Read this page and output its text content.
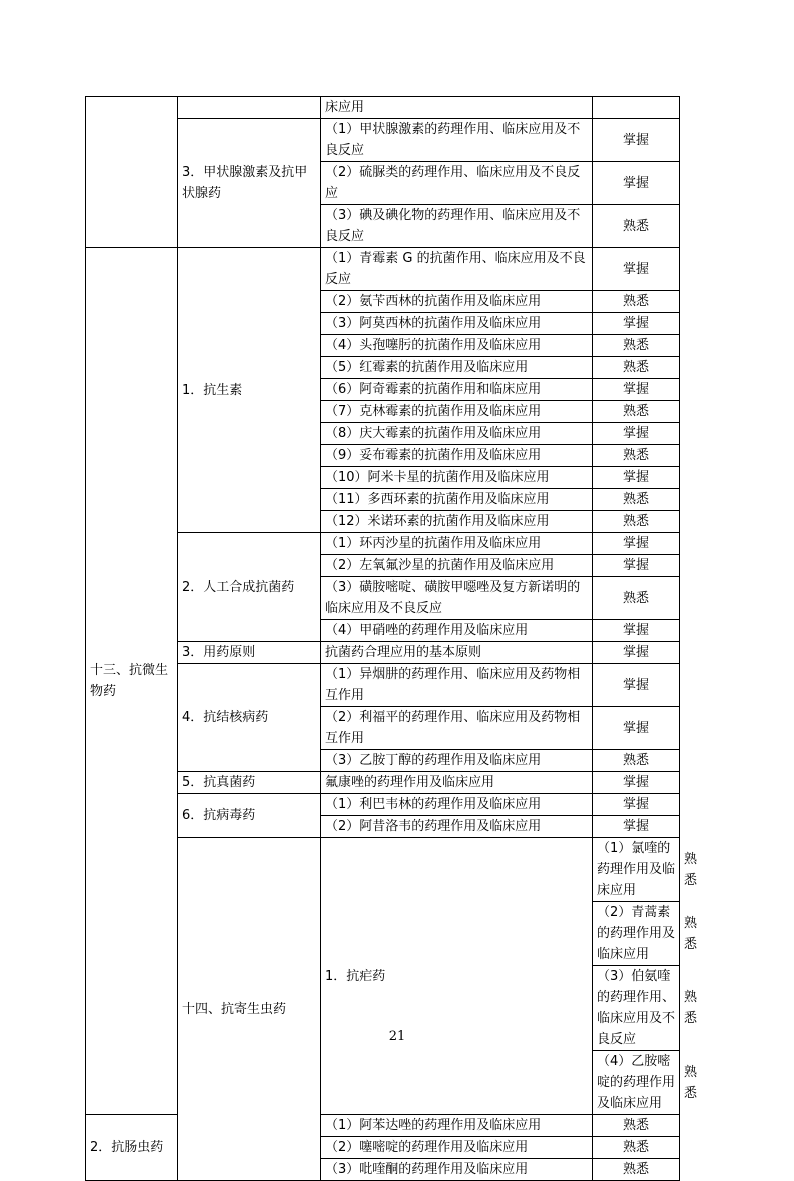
		床应用		
	3．甲状腺激素及抗甲状腺药	（1）甲状腺激素的药理作用、临床应用及不良反应	掌握	
		（2）硫脲类的药理作用、临床应用及不良反应	掌握	
		（3）碘及碘化物的药理作用、临床应用及不良反应	熟悉	
十三、抗微生物药	1．抗生素	（1）青霉素 G 的抗菌作用、临床应用及不良反应	掌握	
		（2）氨苄西林的抗菌作用及临床应用	熟悉	
		（3）阿莫西林的抗菌作用及临床应用	掌握	
		（4）头孢噻肟的抗菌作用及临床应用	熟悉	
		（5）红霉素的抗菌作用及临床应用	熟悉	
		（6）阿奇霉素的抗菌作用和临床应用	掌握	
		（7）克林霉素的抗菌作用及临床应用	熟悉	
		（8）庆大霉素的抗菌作用及临床应用	掌握	
		（9）妥布霉素的抗菌作用及临床应用	熟悉	
		（10）阿米卡星的抗菌作用及临床应用	掌握	
		（11）多西环素的抗菌作用及临床应用	熟悉	
		（12）米诺环素的抗菌作用及临床应用	熟悉	
	2．人工合成抗菌药	（1）环丙沙星的抗菌作用及临床应用	掌握	
		（2）左氧氟沙星的抗菌作用及临床应用	掌握	
		（3）磺胺嘧啶、磺胺甲噁唑及复方新诺明的临床应用及不良反应	熟悉	
		（4）甲硝唑的药理作用及临床应用	掌握	
	3．用药原则	抗菌药合理应用的基本原则	掌握	
	4．抗结核病药	（1）异烟肼的药理作用、临床应用及药物相互作用	掌握	
		（2）利福平的药理作用、临床应用及药物相互作用	掌握	
		（3）乙胺丁醇的药理作用及临床应用	熟悉	
	5．抗真菌药	氟康唑的药理作用及临床应用	掌握	
	6．抗病毒药	（1）利巴韦林的药理作用及临床应用	掌握	
		（2）阿昔洛韦的药理作用及临床应用	掌握	
	十四、抗寄生虫药	1．抗疟药	（1）氯喹的药理作用及临床应用	熟悉
			（2）青蒿素的药理作用及临床应用	熟悉
			（3）伯氨喹的药理作用、临床应用及不良反应	熟悉
			（4）乙胺嘧啶的药理作用及临床应用	熟悉
2．抗肠虫药		（1）阿苯达唑的药理作用及临床应用	熟悉	
		（2）噻嘧啶的药理作用及临床应用	熟悉	
		（3）吡喹酮的药理作用及临床应用	熟悉	
21
